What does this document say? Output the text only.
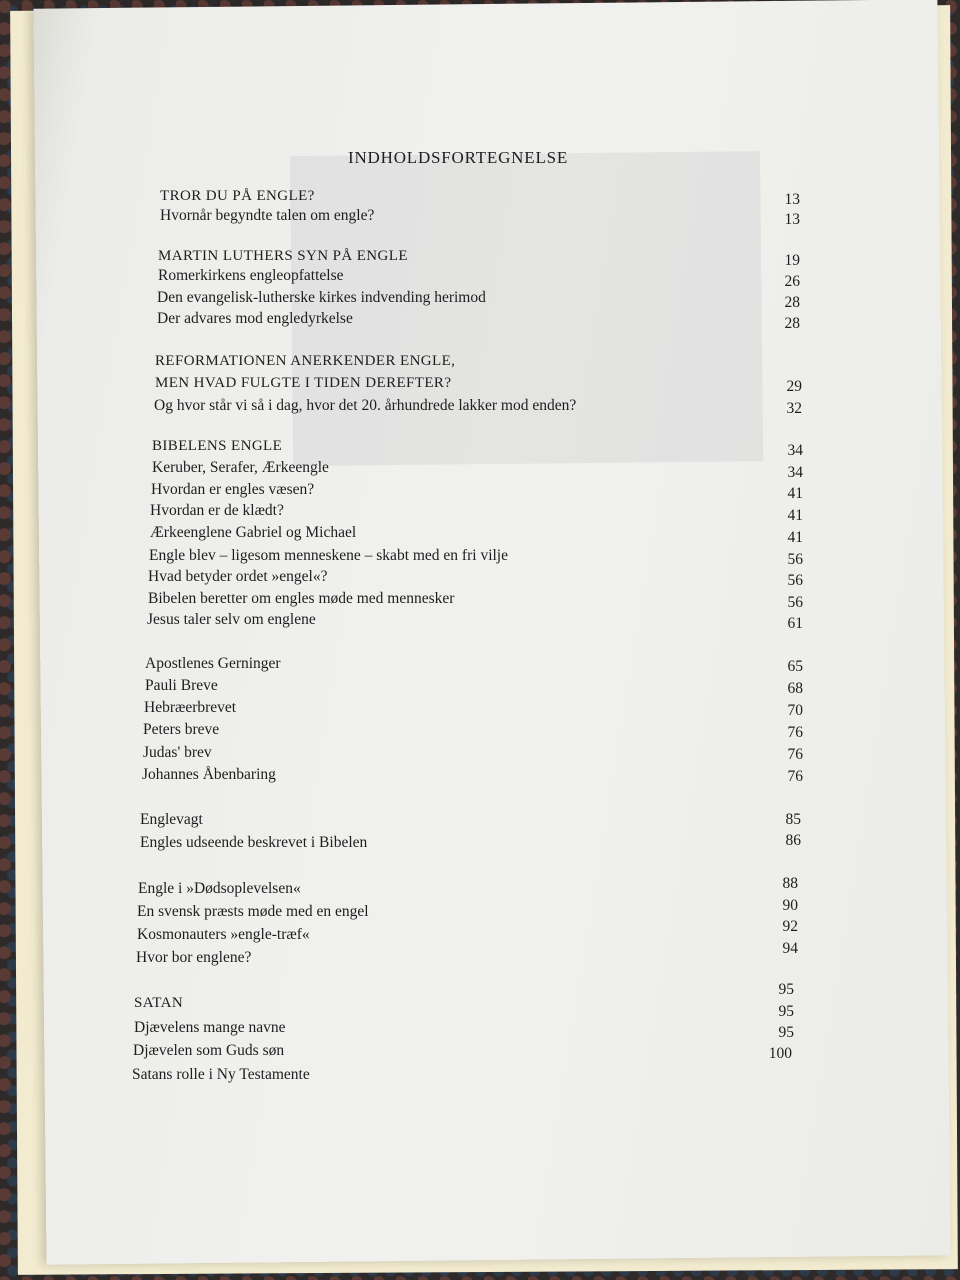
INDHOLDSFORTEGNELSE
TROR DU PÅ ENGLE?
Hvornår begyndte talen om engle?
MARTIN LUTHERS SYN PÅ ENGLE
Romerkirkens engleopfattelse
Den evangelisk-lutherske kirkes indvending herimod
Der advares mod engledyrkelse
REFORMATIONEN ANERKENDER ENGLE,
MEN HVAD FULGTE I TIDEN DEREFTER?
Og hvor står vi så i dag, hvor det 20. århundrede lakker mod enden?
BIBELENS ENGLE
Keruber, Serafer, Ærkeengle
Hvordan er engles væsen?
Hvordan er de klædt?
Ærkeenglene Gabriel og Michael
Engle blev – ligesom menneskene – skabt med en fri vilje
Hvad betyder ordet »engel«?
Bibelen beretter om engles møde med mennesker
Jesus taler selv om englene
Apostlenes Gerninger
Pauli Breve
Hebræerbrevet
Peters breve
Judas' brev
Johannes Åbenbaring
Englevagt
Engles udseende beskrevet i Bibelen
Engle i »Dødsoplevelsen«
En svensk præsts møde med en engel
Kosmonauters »engle-træf«
Hvor bor englene?
SATAN
Djævelens mange navne
Djævelen som Guds søn
Satans rolle i Ny Testamente
13
13
19
26
28
28
29
32
34
34
41
41
41
56
56
56
61
65
68
70
76
76
76
85
86
88
90
92
94
95
95
95
100
